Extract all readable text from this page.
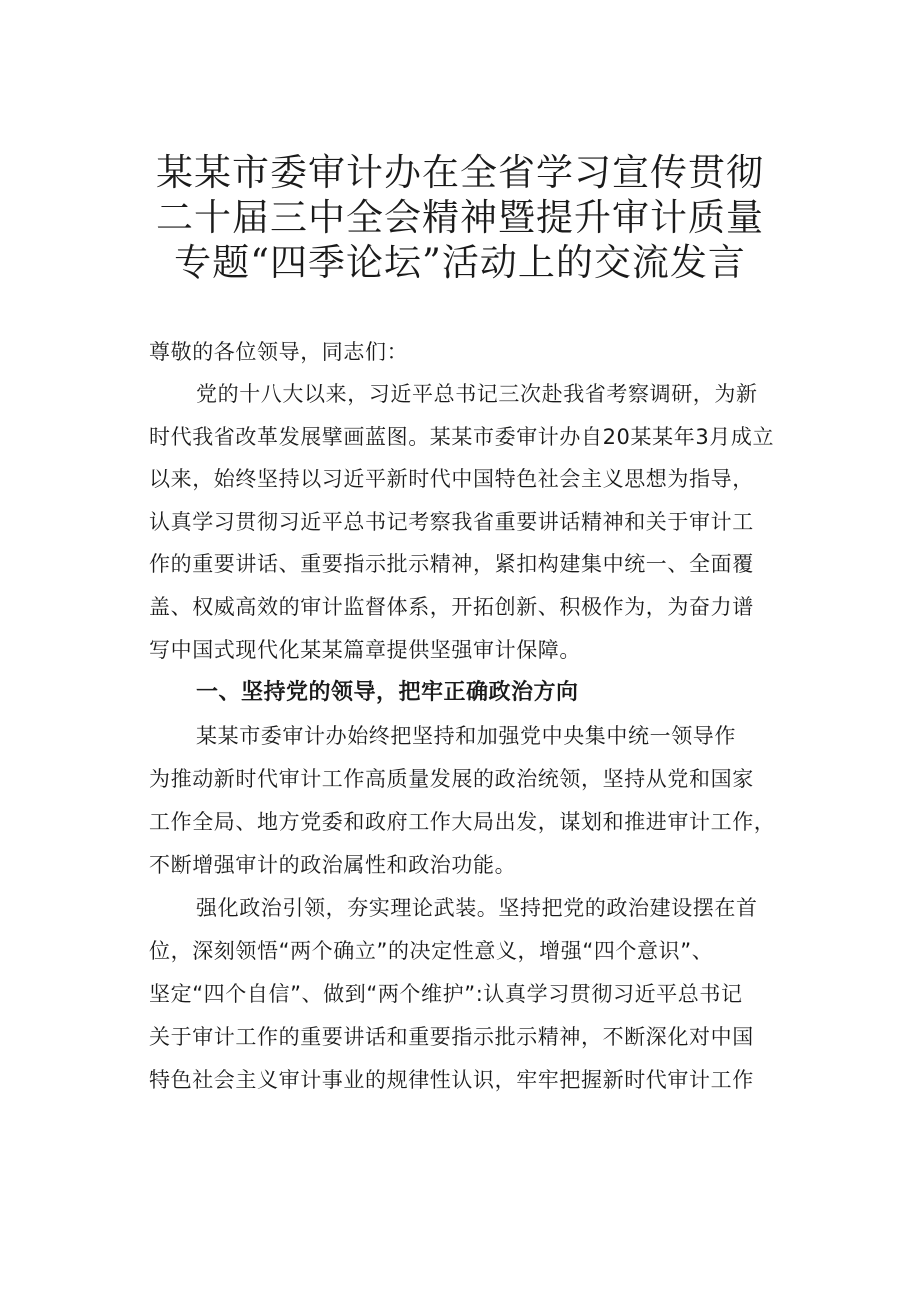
某某市委审计办在全省学习宣传贯彻
二十届三中全会精神暨提升审计质量
专题“四季论坛”活动上的交流发言
尊敬的各位领导，同志们：
党的十八大以来，习近平总书记三次赴我省考察调研，为新
时代我省改革发展擘画蓝图。某某市委审计办自20某某年3月成立
以来，始终坚持以习近平新时代中国特色社会主义思想为指导，
认真学习贯彻习近平总书记考察我省重要讲话精神和关于审计工
作的重要讲话、重要指示批示精神，紧扣构建集中统一、全面覆
盖、权威高效的审计监督体系，开拓创新、积极作为，为奋力谱
写中国式现代化某某篇章提供坚强审计保障。
一、坚持党的领导，把牢正确政治方向
某某市委审计办始终把坚持和加强党中央集中统一领导作
为推动新时代审计工作高质量发展的政治统领，坚持从党和国家
工作全局、地方党委和政府工作大局出发，谋划和推进审计工作，
不断增强审计的政治属性和政治功能。
强化政治引领，夯实理论武装。坚持把党的政治建设摆在首
位，深刻领悟“两个确立”的决定性意义，增强“四个意识”、
坚定“四个自信”、做到“两个维护”:认真学习贯彻习近平总书记
关于审计工作的重要讲话和重要指示批示精神，不断深化对中国
特色社会主义审计事业的规律性认识，牢牢把握新时代审计工作
